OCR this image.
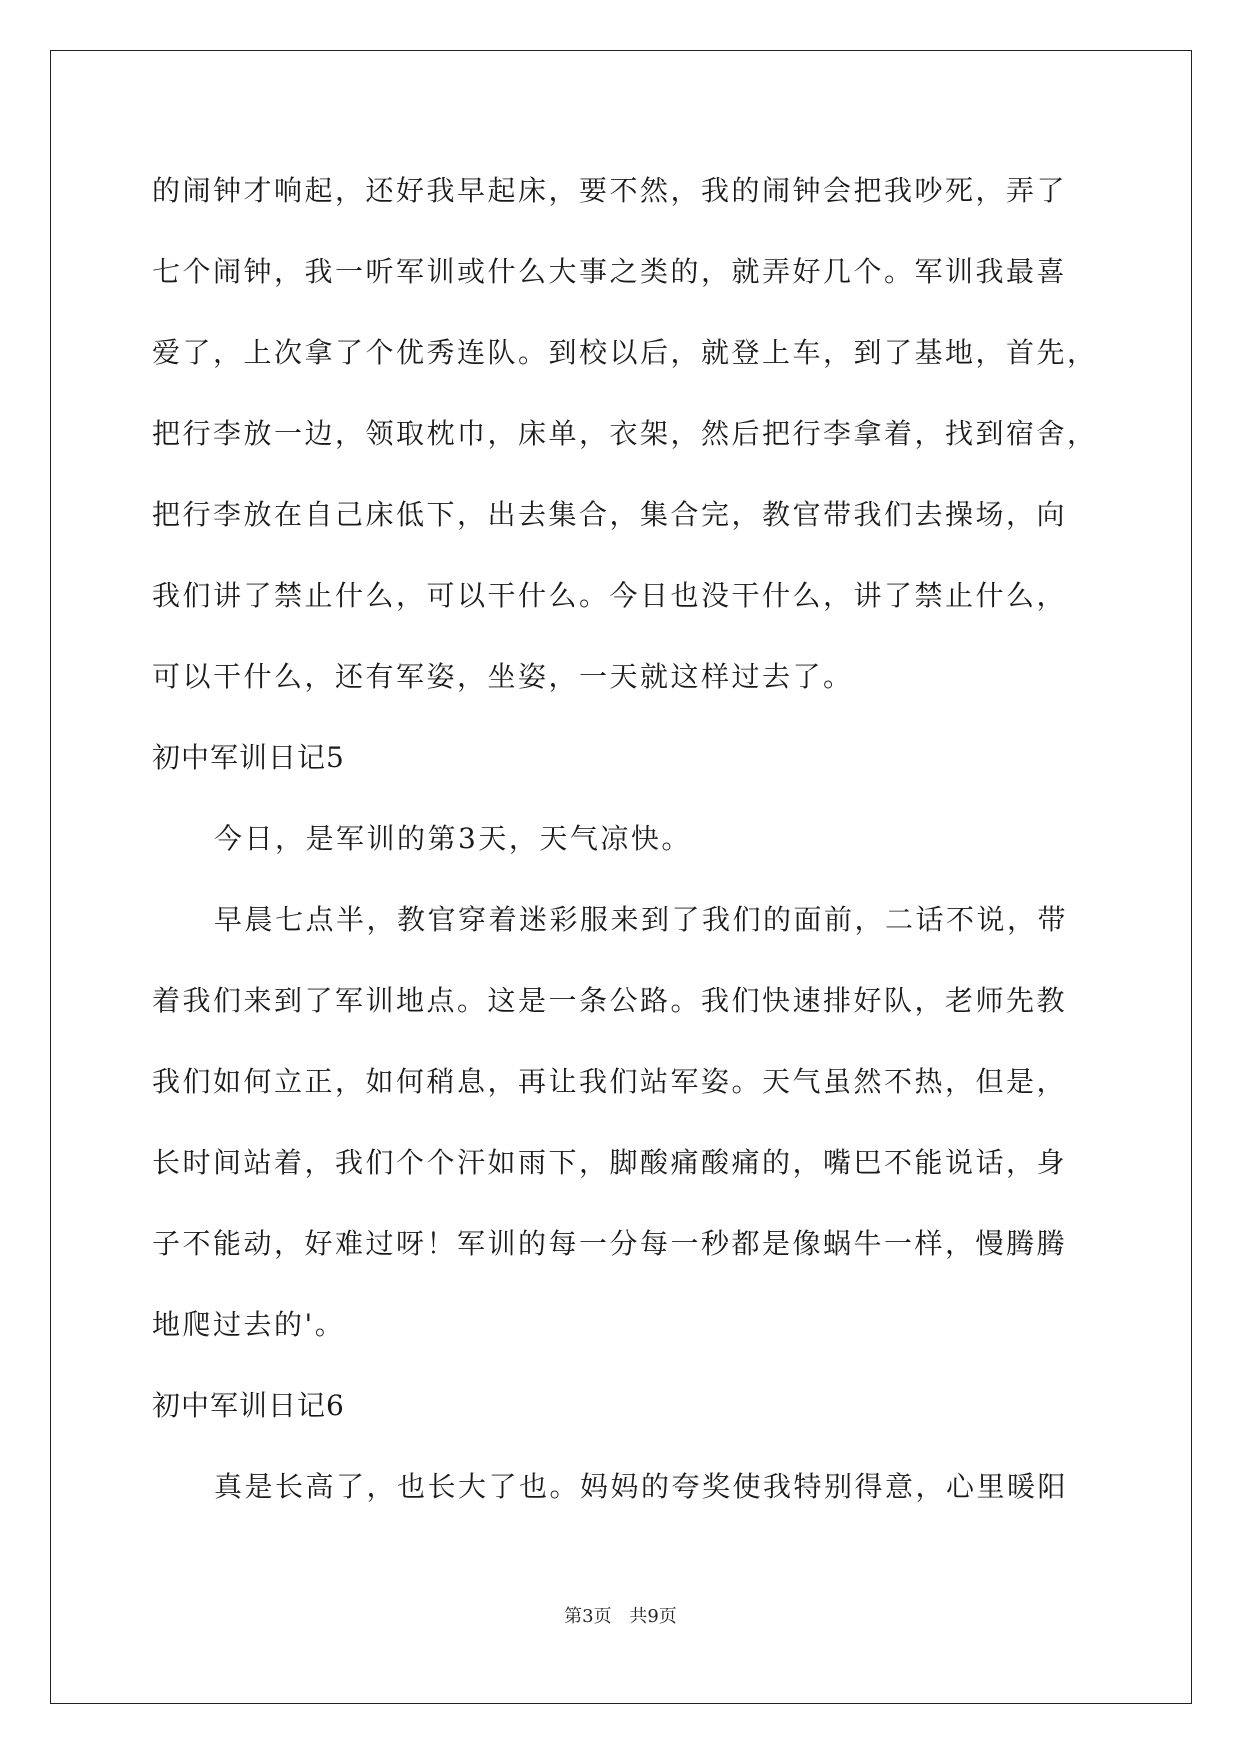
的闹钟才响起，还好我早起床，要不然，我的闹钟会把我吵死，弄了
七个闹钟，我一听军训或什么大事之类的，就弄好几个。军训我最喜
爱了，上次拿了个优秀连队。到校以后，就登上车，到了基地，首先，
把行李放一边，领取枕巾，床单，衣架，然后把行李拿着，找到宿舍，
把行李放在自己床低下，出去集合，集合完，教官带我们去操场，向
我们讲了禁止什么，可以干什么。今日也没干什么，讲了禁止什么，
可以干什么，还有军姿，坐姿，一天就这样过去了。
初中军训日记5
今日，是军训的第3天，天气凉快。
早晨七点半，教官穿着迷彩服来到了我们的面前，二话不说，带
着我们来到了军训地点。这是一条公路。我们快速排好队，老师先教
我们如何立正，如何稍息，再让我们站军姿。天气虽然不热，但是，
长时间站着，我们个个汗如雨下，脚酸痛酸痛的，嘴巴不能说话，身
子不能动，好难过呀！军训的每一分每一秒都是像蜗牛一样，慢腾腾
地爬过去的'。
初中军训日记6
真是长高了，也长大了也。妈妈的夸奖使我特别得意，心里暖阳
第3页 共9页
